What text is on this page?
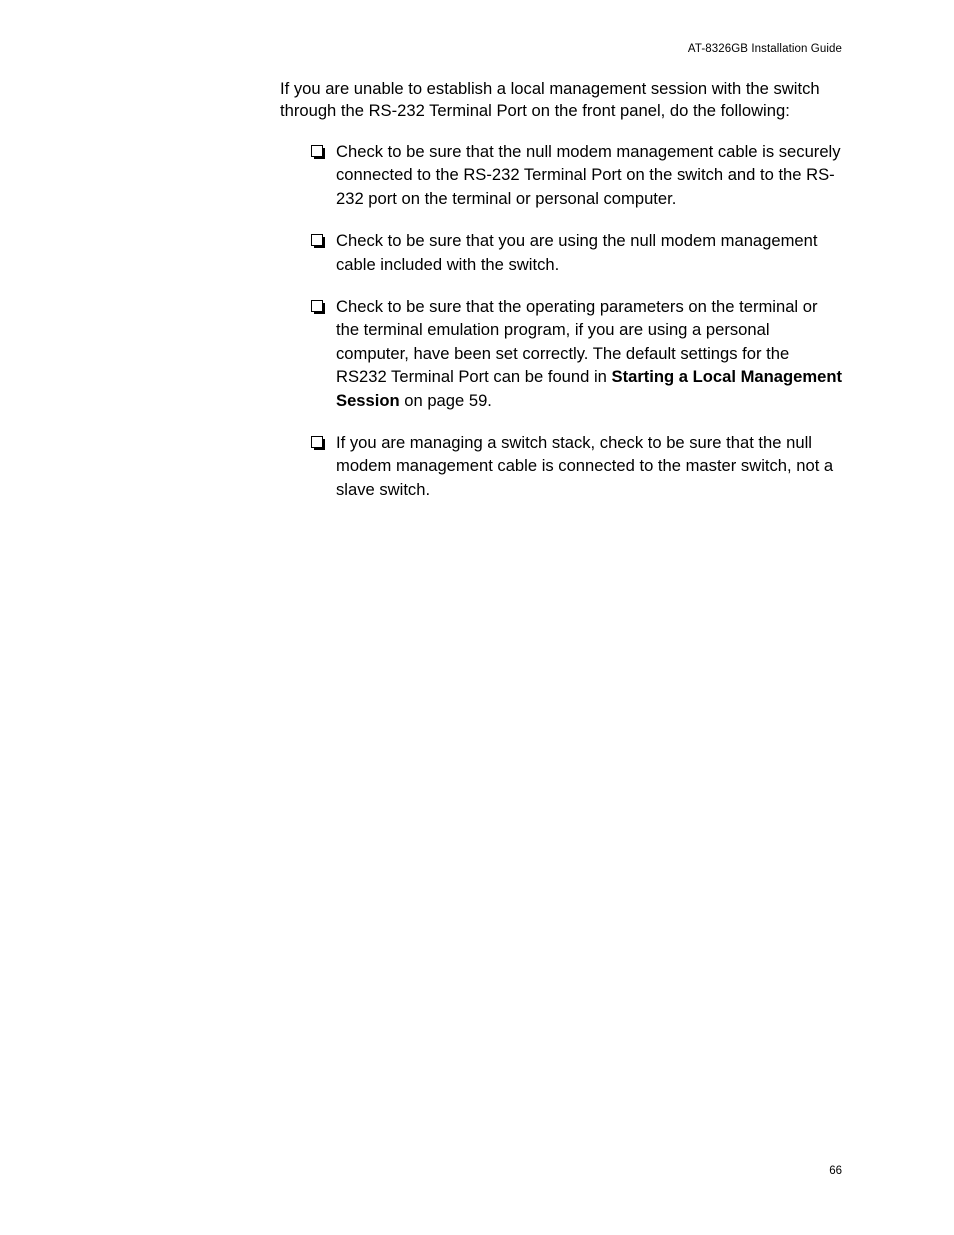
AT-8326GB Installation Guide

If you are unable to establish a local management session with the switch through the RS-232 Terminal Port on the front panel, do the following:

Check to be sure that the null modem management cable is securely connected to the RS-232 Terminal Port on the switch and to the RS-232 port on the terminal or personal computer.
Check to be sure that you are using the null modem management cable included with the switch.
Check to be sure that the operating parameters on the terminal or the terminal emulation program, if you are using a personal computer, have been set correctly. The default settings for the RS232 Terminal Port can be found in Starting a Local Management Session on page 59.
If you are managing a switch stack, check to be sure that the null modem management cable is connected to the master switch, not a slave switch.
66
